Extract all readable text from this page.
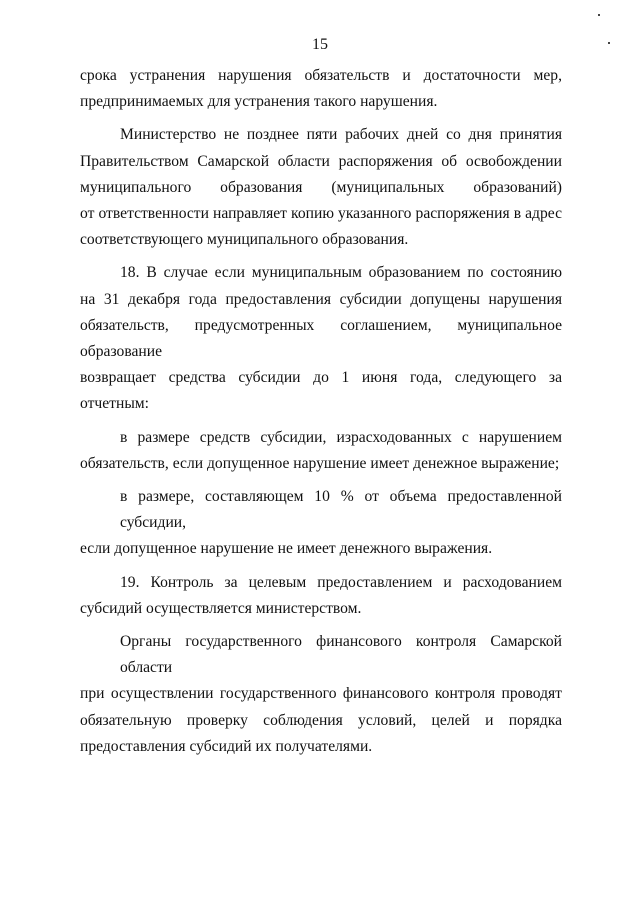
15

срока устранения нарушения обязательств и достаточности мер,
предпринимаемых для устранения такого нарушения.

Министерство не позднее пяти рабочих дней со дня принятия
Правительством Самарской области распоряжения об освобождении
муниципального образования (муниципальных образований)
от ответственности направляет копию указанного распоряжения в адрес
соответствующего муниципального образования.

18. В случае если муниципальным образованием по состоянию
на 31 декабря года предоставления субсидии допущены нарушения
обязательств, предусмотренных соглашением, муниципальное образование
возвращает средства субсидии до 1 июня года, следующего за отчетным:

в размере средств субсидии, израсходованных с нарушением
обязательств, если допущенное нарушение имеет денежное выражение;

в размере, составляющем 10 % от объема предоставленной субсидии,
если допущенное нарушение не имеет денежного выражения.

19. Контроль за целевым предоставлением и расходованием
субсидий осуществляется министерством.

Органы государственного финансового контроля Самарской области
при осуществлении государственного финансового контроля проводят
обязательную проверку соблюдения условий, целей и порядка
предоставления субсидий их получателями.
